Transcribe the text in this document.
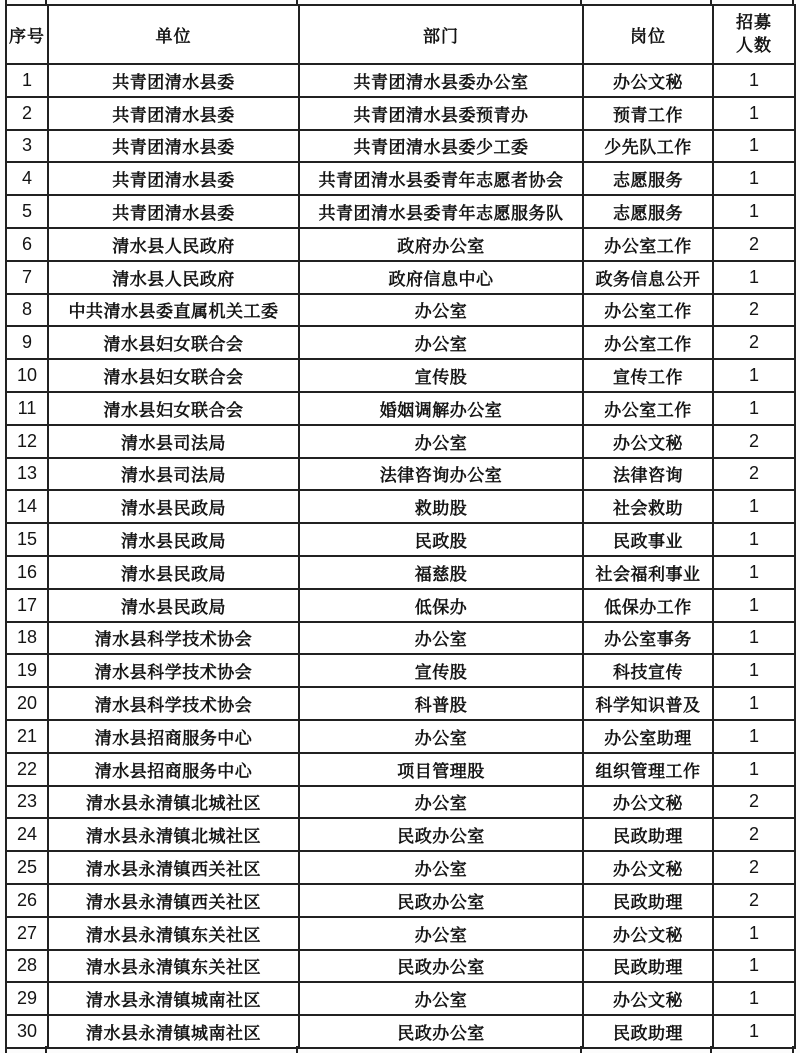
序号	单位	部门	岗位	招募人数
1	共青团清水县委	共青团清水县委办公室	办公文秘	1
2	共青团清水县委	共青团清水县委预青办	预青工作	1
3	共青团清水县委	共青团清水县委少工委	少先队工作	1
4	共青团清水县委	共青团清水县委青年志愿者协会	志愿服务	1
5	共青团清水县委	共青团清水县委青年志愿服务队	志愿服务	1
6	清水县人民政府	政府办公室	办公室工作	2
7	清水县人民政府	政府信息中心	政务信息公开	1
8	中共清水县委直属机关工委	办公室	办公室工作	2
9	清水县妇女联合会	办公室	办公室工作	2
10	清水县妇女联合会	宣传股	宣传工作	1
11	清水县妇女联合会	婚姻调解办公室	办公室工作	1
12	清水县司法局	办公室	办公文秘	2
13	清水县司法局	法律咨询办公室	法律咨询	2
14	清水县民政局	救助股	社会救助	1
15	清水县民政局	民政股	民政事业	1
16	清水县民政局	福慈股	社会福利事业	1
17	清水县民政局	低保办	低保办工作	1
18	清水县科学技术协会	办公室	办公室事务	1
19	清水县科学技术协会	宣传股	科技宣传	1
20	清水县科学技术协会	科普股	科学知识普及	1
21	清水县招商服务中心	办公室	办公室助理	1
22	清水县招商服务中心	项目管理股	组织管理工作	1
23	清水县永清镇北城社区	办公室	办公文秘	2
24	清水县永清镇北城社区	民政办公室	民政助理	2
25	清水县永清镇西关社区	办公室	办公文秘	2
26	清水县永清镇西关社区	民政办公室	民政助理	2
27	清水县永清镇东关社区	办公室	办公文秘	1
28	清水县永清镇东关社区	民政办公室	民政助理	1
29	清水县永清镇城南社区	办公室	办公文秘	1
30	清水县永清镇城南社区	民政办公室	民政助理	1
